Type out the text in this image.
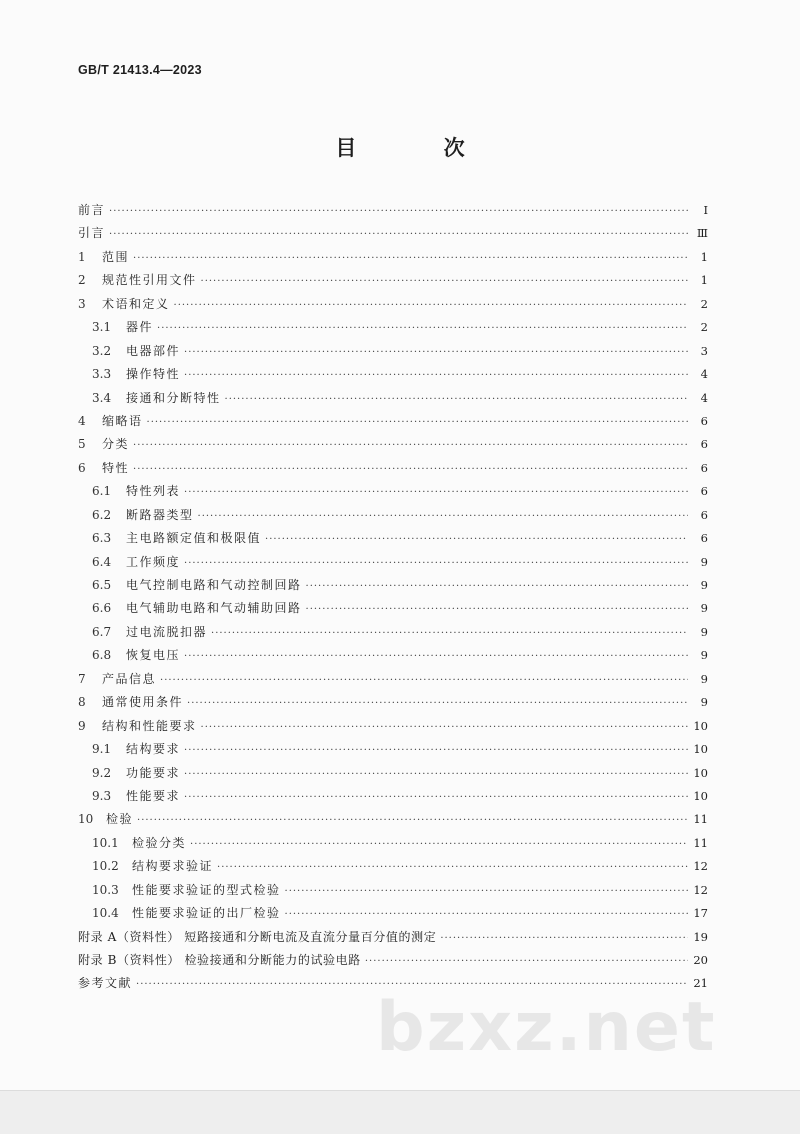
GB/T 21413.4—2023
目 次
前言 ·····	Ⅰ
引言 ·····	Ⅲ
1	范围 ·····	1
2	规范性引用文件 ·····	1
3	术语和定义 ·····	2
3.1	器件 ·····	2
3.2	电器部件 ·····	3
3.3	操作特性 ·····	4
3.4	接通和分断特性 ·····	4
4	缩略语 ·····	6
5	分类 ·····	6
6	特性 ·····	6
6.1	特性列表 ·····	6
6.2	断路器类型 ·····	6
6.3	主电路额定值和极限值 ·····	6
6.4	工作频度 ·····	9
6.5	电气控制电路和气动控制回路 ·····	9
6.6	电气辅助电路和气动辅助回路 ·····	9
6.7	过电流脱扣器 ·····	9
6.8	恢复电压 ·····	9
7	产品信息 ·····	9
8	通常使用条件 ·····	9
9	结构和性能要求 ·····	10
9.1	结构要求 ·····	10
9.2	功能要求 ·····	10
9.3	性能要求 ·····	10
10	检验 ·····	11
10.1	检验分类 ·····	11
10.2	结构要求验证 ·····	12
10.3	性能要求验证的型式检验 ·····	12
10.4	性能要求验证的出厂检验 ·····	17
附录 A（资料性） 短路接通和分断电流及直流分量百分值的测定 ·····	19
附录 B（资料性） 检验接通和分断能力的试验电路 ·····	20
参考文献 ·····	21
bzxz.net
